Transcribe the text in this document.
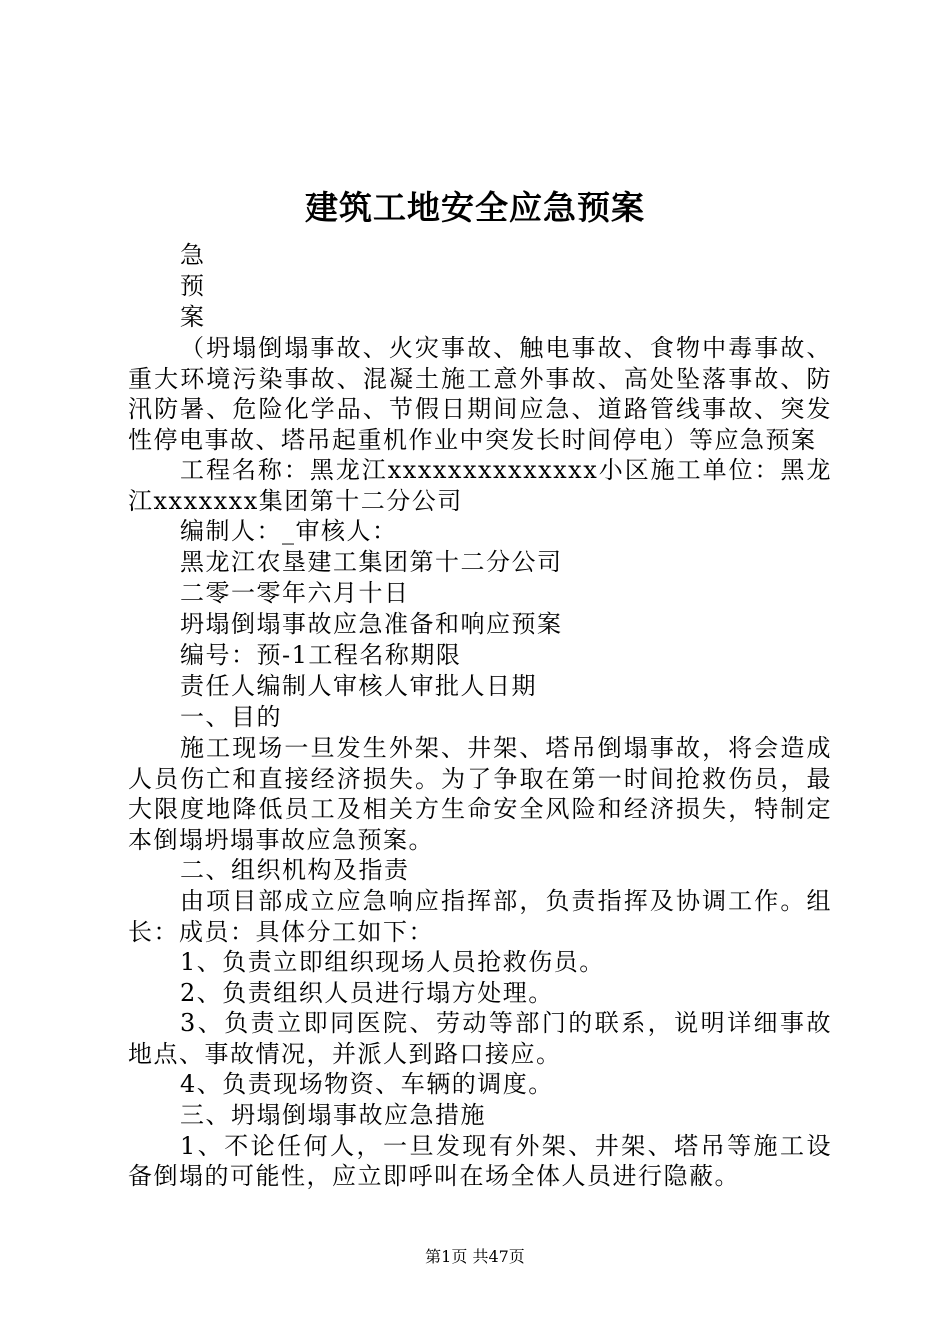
建筑工地安全应急预案
急
预
案
（坍塌倒塌事故、火灾事故、触电事故、食物中毒事故、重大环境污染事故、混凝土施工意外事故、高处坠落事故、防汛防暑、危险化学品、节假日期间应急、道路管线事故、突发性停电事故、塔吊起重机作业中突发长时间停电）等应急预案
工程名称：黑龙江xxxxxxxxxxxxxx小区施工单位：黑龙江xxxxxxx集团第十二分公司
编制人：_审核人：
黑龙江农垦建工集团第十二分公司
二零一零年六月十日
坍塌倒塌事故应急准备和响应预案
编号：预-1工程名称期限
责任人编制人审核人审批人日期
一、目的
施工现场一旦发生外架、井架、塔吊倒塌事故，将会造成人员伤亡和直接经济损失。为了争取在第一时间抢救伤员，最大限度地降低员工及相关方生命安全风险和经济损失，特制定本倒塌坍塌事故应急预案。
二、组织机构及指责
由项目部成立应急响应指挥部，负责指挥及协调工作。组长：成员：具体分工如下：
1、负责立即组织现场人员抢救伤员。
2、负责组织人员进行塌方处理。
3、负责立即同医院、劳动等部门的联系，说明详细事故地点、事故情况，并派人到路口接应。
4、负责现场物资、车辆的调度。
三、坍塌倒塌事故应急措施
1、不论任何人，一旦发现有外架、井架、塔吊等施工设备倒塌的可能性，应立即呼叫在场全体人员进行隐蔽。
第1页 共47页
